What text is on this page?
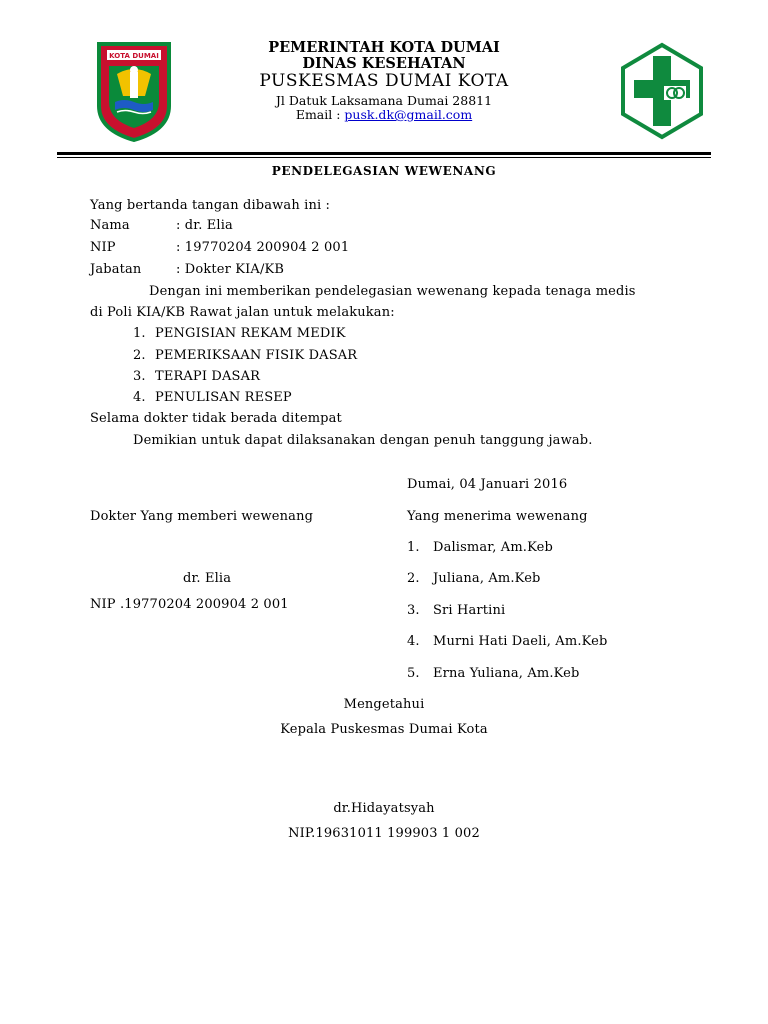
KOTA DUMAI	PEMERINTAH KOTA DUMAI
DINAS KESEHATAN
PUSKESMAS DUMAI KOTA
Jl Datuk Laksamana Dumai 28811
Email : pusk.dk@gmail.com
PENDELEGASIAN WEWENANG
Yang bertanda tangan dibawah ini :
Nama	: dr. Elia
NIP	: 19770204 200904 2 001
Jabatan	: Dokter KIA/KB
Dengan ini memberikan pendelegasian wewenang kepada tenaga medis
di Poli KIA/KB Rawat jalan untuk melakukan:
1. PENGISIAN REKAM MEDIK
2. PEMERIKSAAN FISIK DASAR
3. TERAPI DASAR
4. PENULISAN RESEP
Selama dokter tidak berada ditempat
Demikian untuk dapat dilaksanakan dengan penuh tanggung jawab.
Dumai, 04 Januari 2016
Dokter Yang memberi wewenang
dr. Elia
NIP .19770204 200904 2 001
Yang menerima wewenang
1. Dalismar, Am.Keb
2. Juliana, Am.Keb
3. Sri Hartini
4. Murni Hati Daeli, Am.Keb
5. Erna Yuliana, Am.Keb
Mengetahui
Kepala Puskesmas Dumai Kota
dr.Hidayatsyah
NIP.19631011 199903 1 002
